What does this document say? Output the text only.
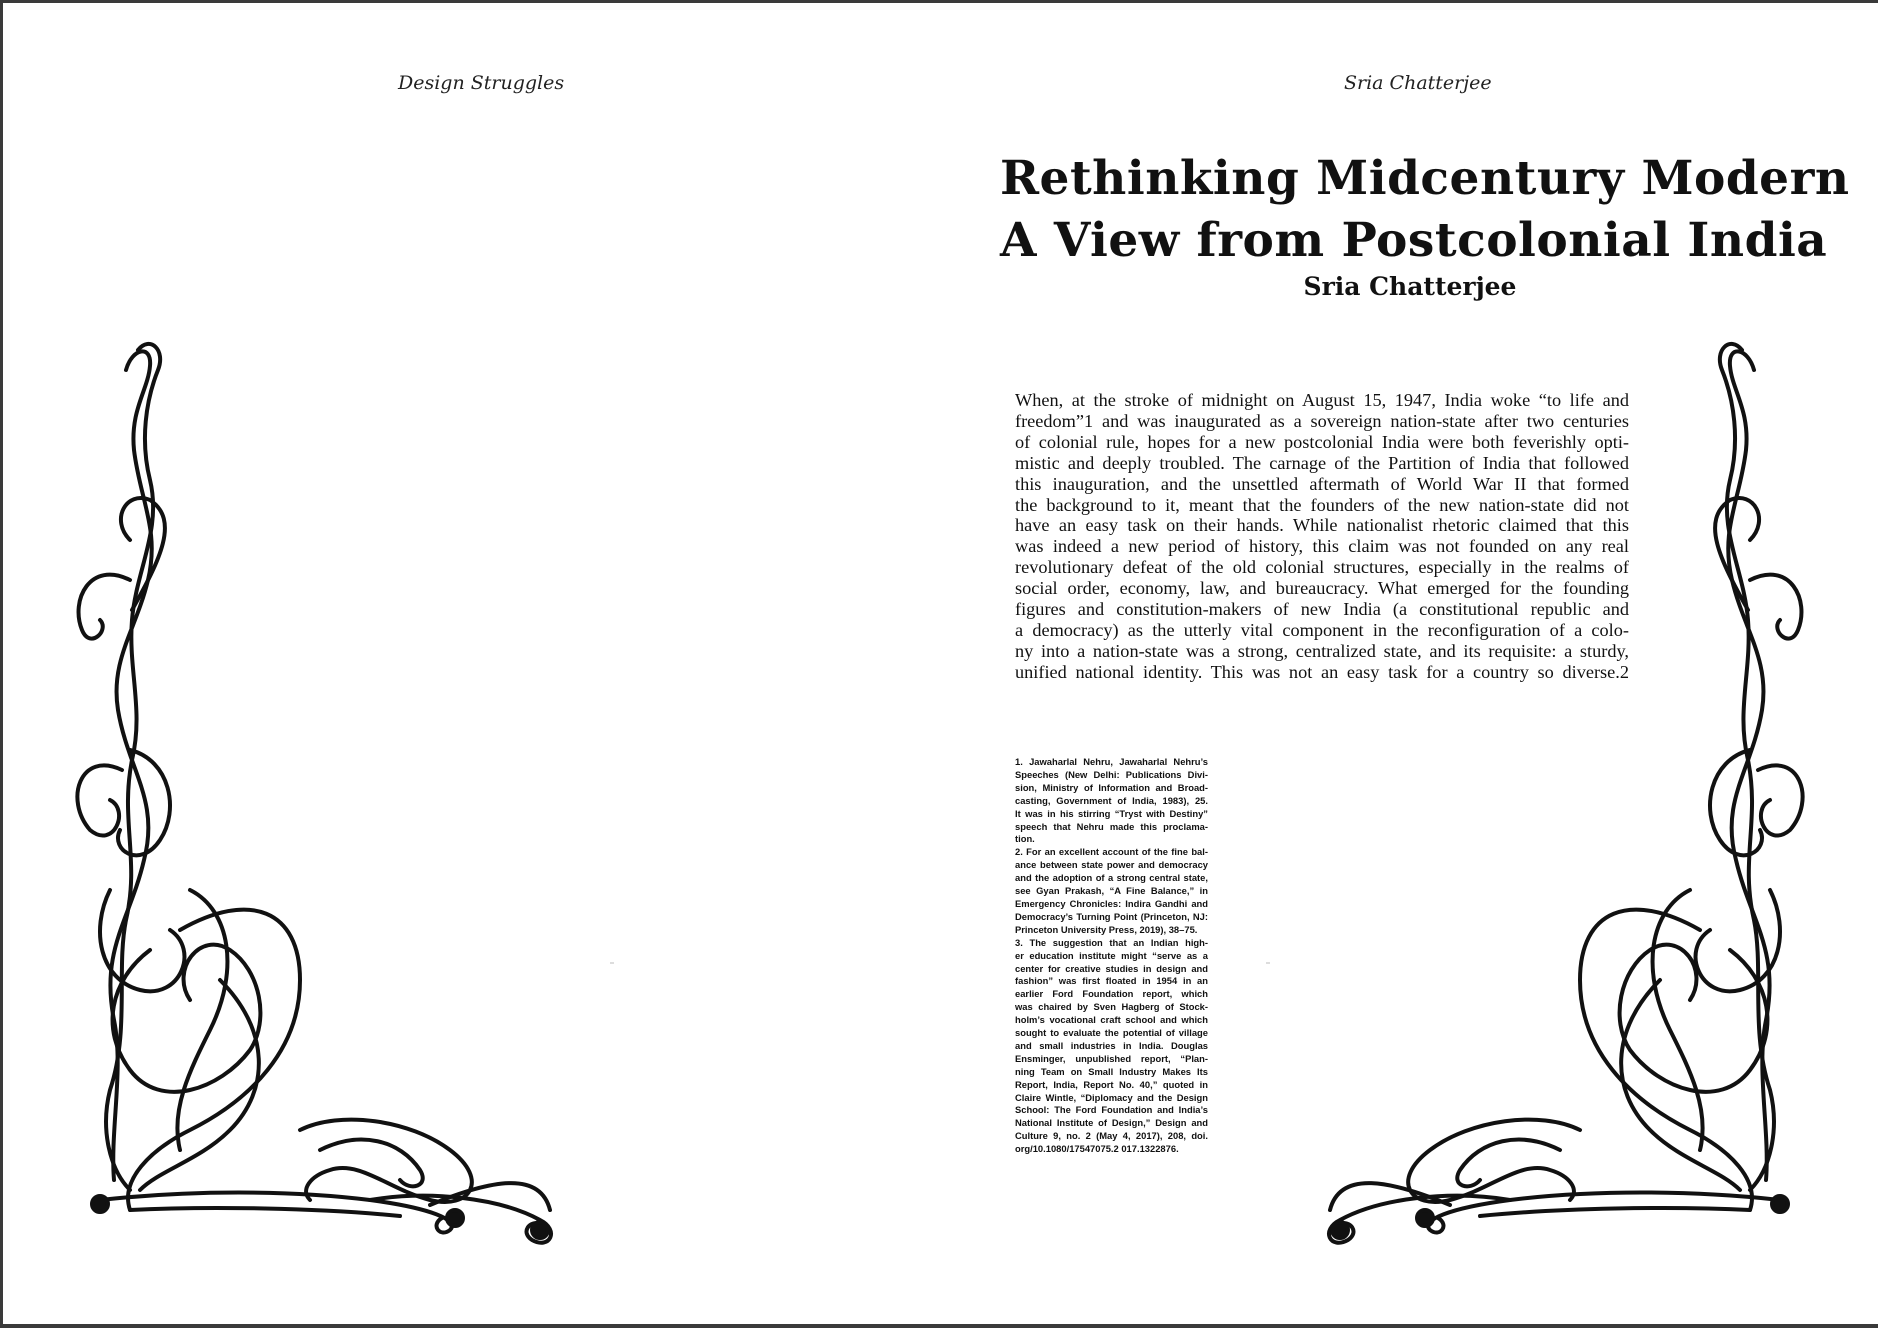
Design Struggles	Sria Chatterjee
Rethinking Midcentury Modern
A View from Postcolonial India
Sria Chatterjee
When, at the stroke of midnight on August 15, 1947, India woke “to life and
freedom”1 and was inaugurated as a sovereign nation-state after two centuries
of colonial rule, hopes for a new postcolonial India were both feverishly opti-
mistic and deeply troubled. The carnage of the Partition of India that followed
this inauguration, and the unsettled aftermath of World War II that formed
the background to it, meant that the founders of the new nation-state did not
have an easy task on their hands. While nationalist rhetoric claimed that this
was indeed a new period of history, this claim was not founded on any real
revolutionary defeat of the old colonial structures, especially in the realms of
social order, economy, law, and bureaucracy. What emerged for the founding
figures and constitution-makers of new India (a constitutional republic and
a democracy) as the utterly vital component in the reconfiguration of a colo-
ny into a nation-state was a strong, centralized state, and its requisite: a sturdy,
unified national identity. This was not an easy task for a country so diverse.2
1. Jawaharlal Nehru, Jawaharlal Nehru’s
Speeches (New Delhi: Publications Divi-
sion, Ministry of Information and Broad-
casting, Government of India, 1983), 25.
It was in his stirring “Tryst with Destiny”
speech that Nehru made this proclama-
tion.
2. For an excellent account of the fine bal-
ance between state power and democracy
and the adoption of a strong central state,
see Gyan Prakash, “A Fine Balance,” in
Emergency Chronicles: Indira Gandhi and
Democracy’s Turning Point (Princeton, NJ:
Princeton University Press, 2019), 38–75.
3. The suggestion that an Indian high-
er education institute might “serve as a
center for creative studies in design and
fashion” was first floated in 1954 in an
earlier Ford Foundation report, which
was chaired by Sven Hagberg of Stock-
holm’s vocational craft school and which
sought to evaluate the potential of village
and small industries in India. Douglas
Ensminger, unpublished report, “Plan-
ning Team on Small Industry Makes Its
Report, India, Report No. 40,” quoted in
Claire Wintle, “Diplomacy and the Design
School: The Ford Foundation and India’s
National Institute of Design,” Design and
Culture 9, no. 2 (May 4, 2017), 208, doi.
org/10.1080/17547075.2 017.1322876.
